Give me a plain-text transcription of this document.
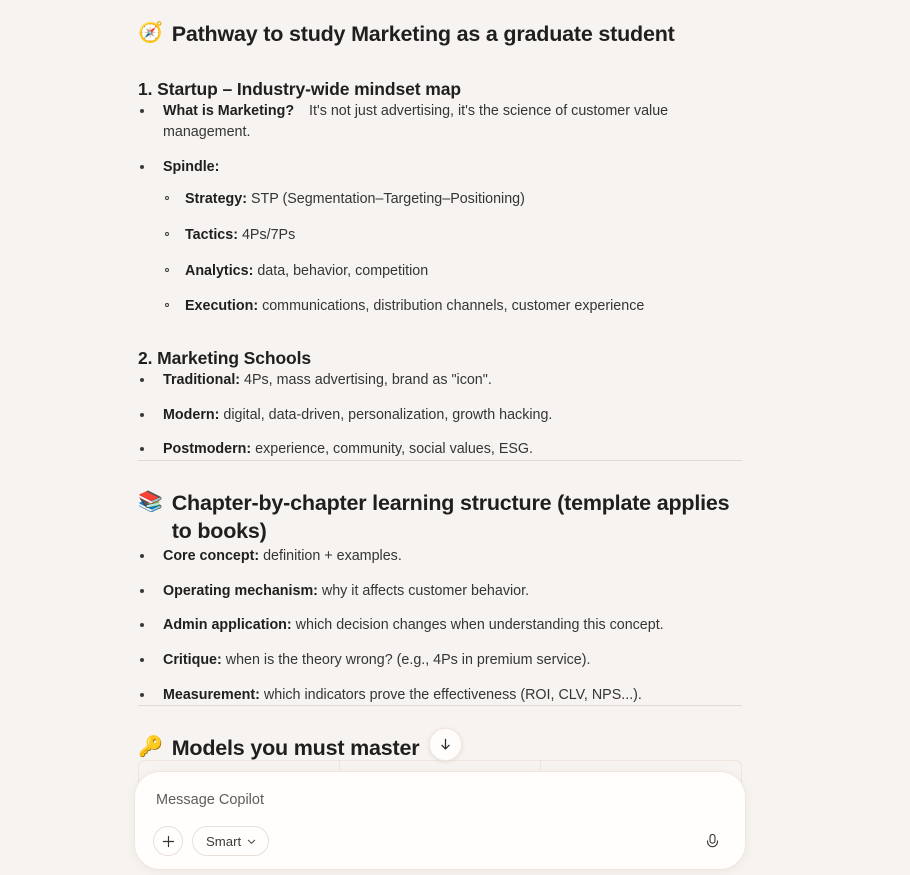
🧭 Pathway to study Marketing as a graduate student
1. Startup – Industry-wide mindset map
What is Marketing? It's not just advertising, it's the science of customer value management.
Spindle:
Strategy: STP (Segmentation–Targeting–Positioning)
Tactics: 4Ps/7Ps
Analytics: data, behavior, competition
Execution: communications, distribution channels, customer experience
2. Marketing Schools
Traditional: 4Ps, mass advertising, brand as "icon".
Modern: digital, data-driven, personalization, growth hacking.
Postmodern: experience, community, social values, ESG.
📚 Chapter-by-chapter learning structure (template applies to books)
Core concept: definition + examples.
Operating mechanism: why it affects customer behavior.
Admin application: which decision changes when understanding this concept.
Critique: when is the theory wrong? (e.g., 4Ps in premium service).
Measurement: which indicators prove the effectiveness (ROI, CLV, NPS...).
🔑 Models you must master
Message Copilot
Smart
